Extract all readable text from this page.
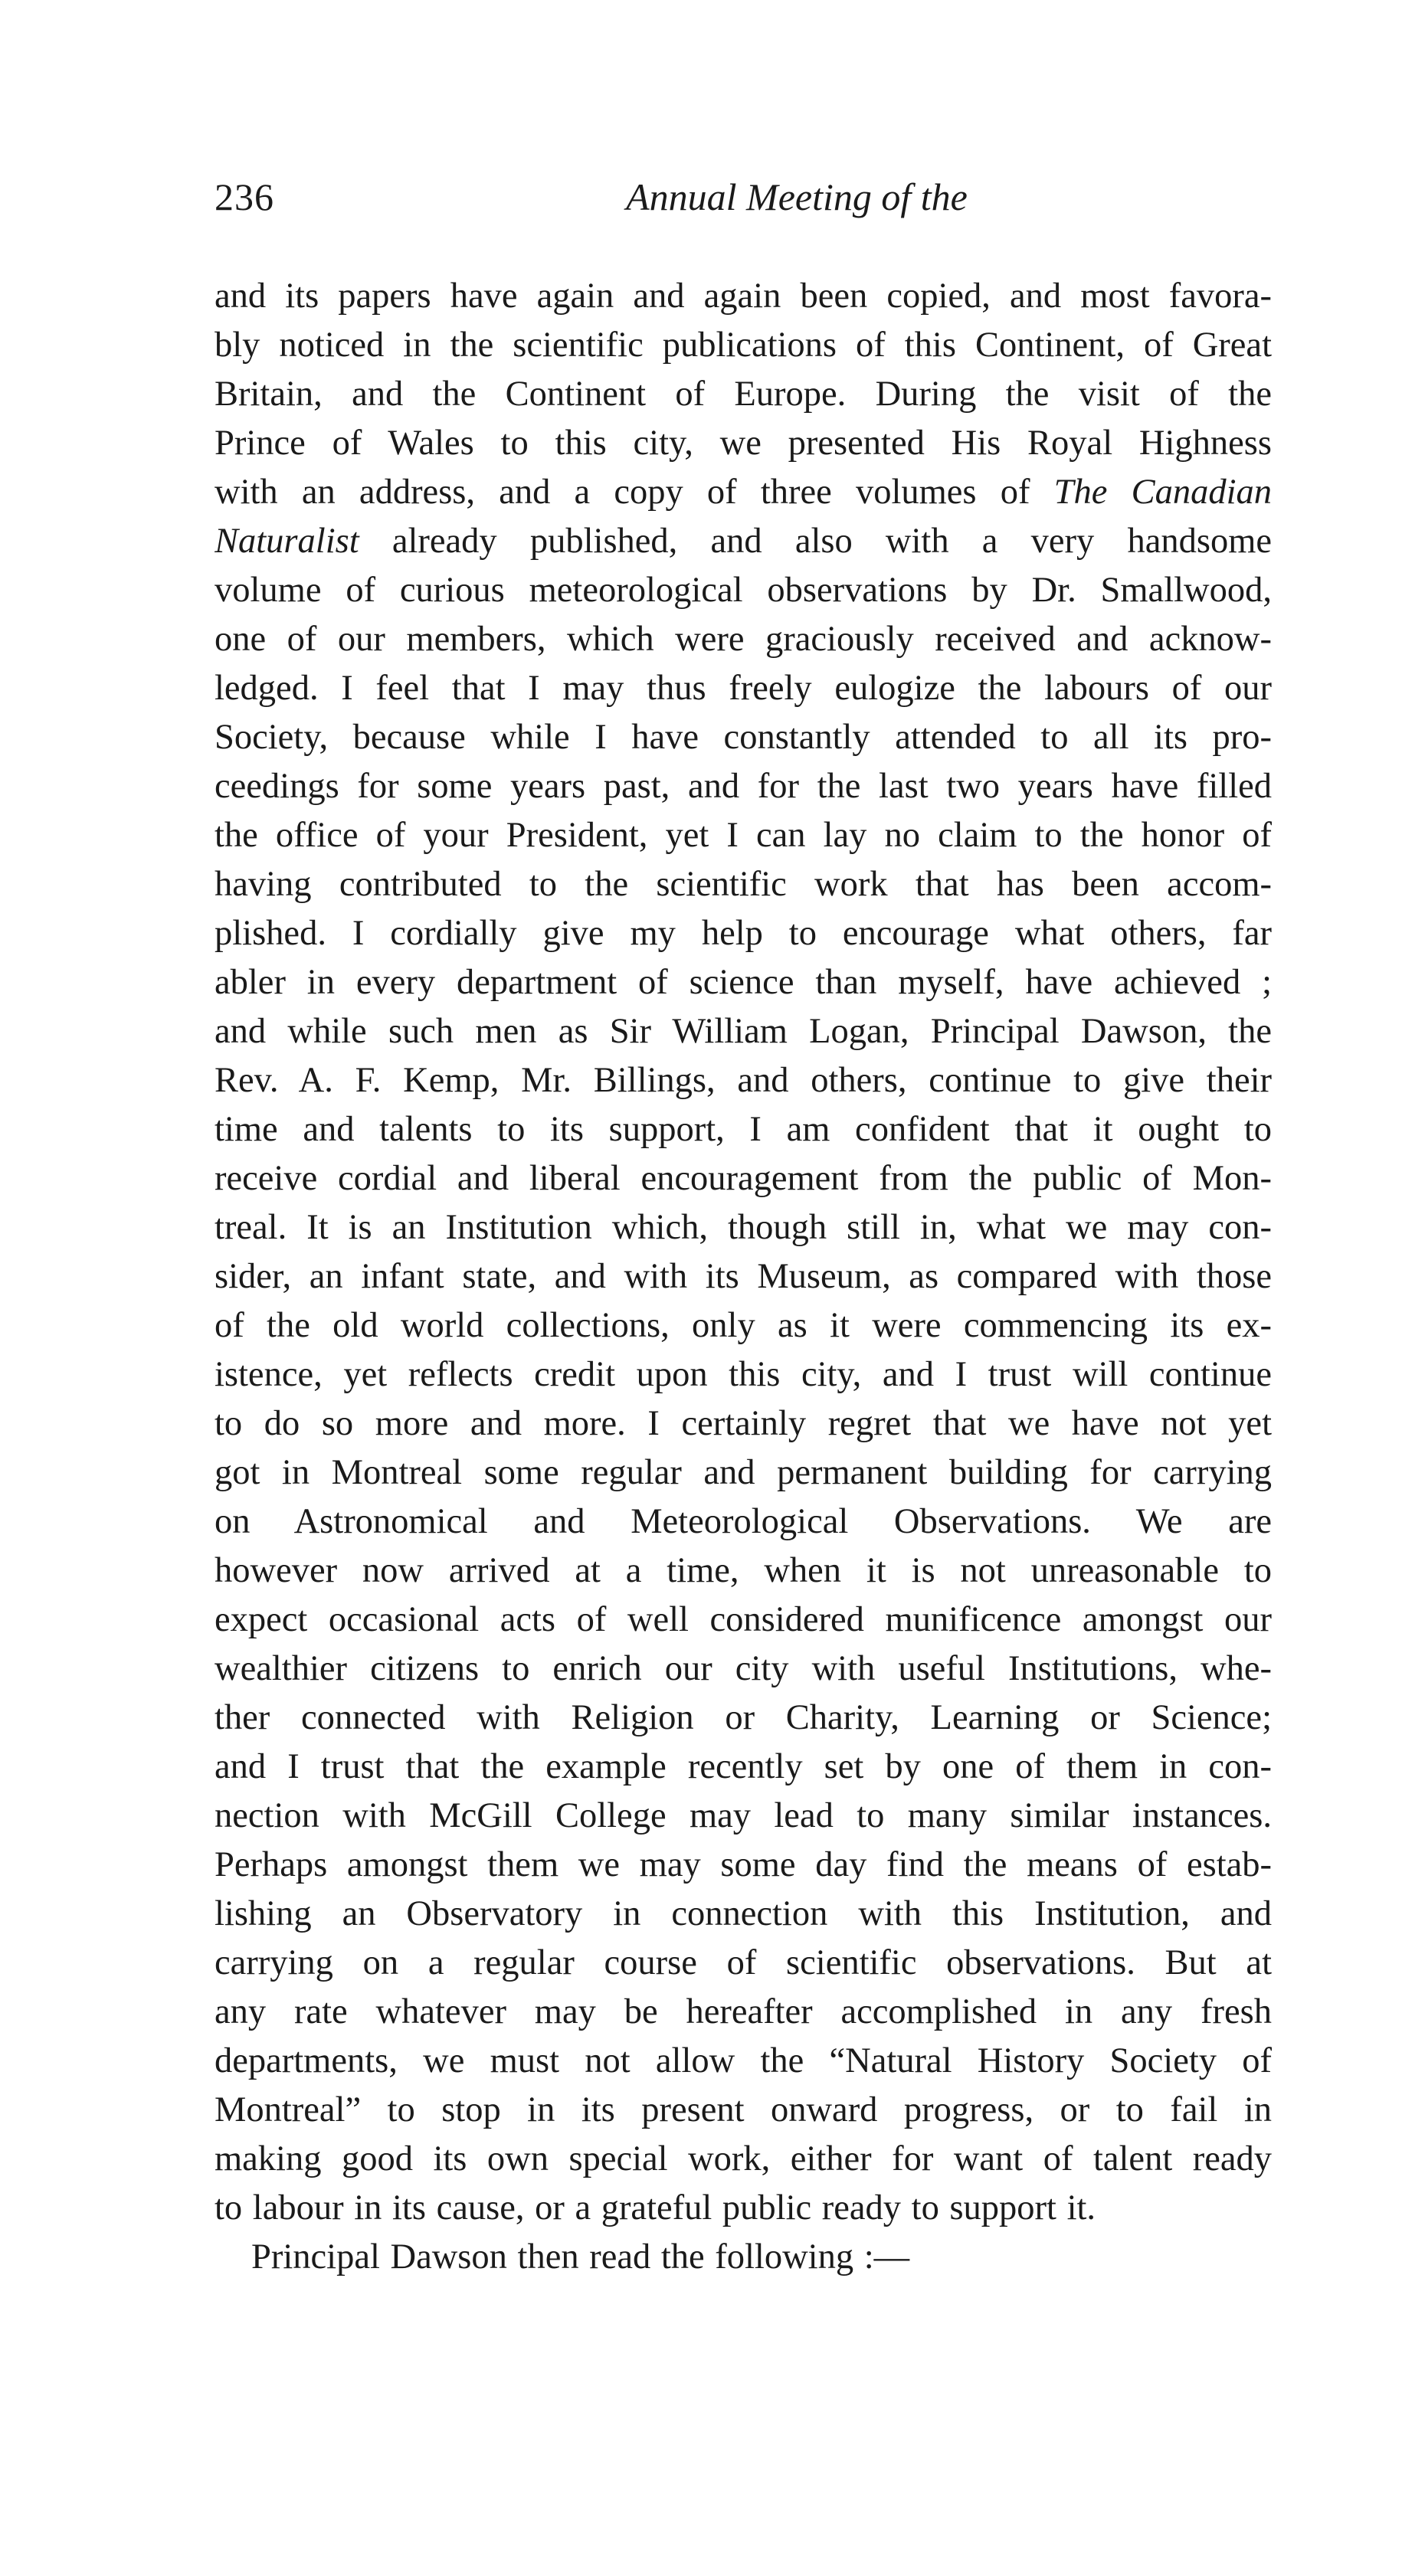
236	Annual Meeting of the
and its papers have again and again been copied, and most favora-
bly noticed in the scientific publications of this Continent, of Great
Britain, and the Continent of Europe. During the visit of the
Prince of Wales to this city, we presented His Royal Highness
with an address, and a copy of three volumes of The Canadian
Naturalist already published, and also with a very handsome
volume of curious meteorological observations by Dr. Smallwood,
one of our members, which were graciously received and acknow-
ledged. I feel that I may thus freely eulogize the labours of our
Society, because while I have constantly attended to all its pro-
ceedings for some years past, and for the last two years have filled
the office of your President, yet I can lay no claim to the honor of
having contributed to the scientific work that has been accom-
plished. I cordially give my help to encourage what others, far
abler in every department of science than myself, have achieved ;
and while such men as Sir William Logan, Principal Dawson, the
Rev. A. F. Kemp, Mr. Billings, and others, continue to give their
time and talents to its support, I am confident that it ought to
receive cordial and liberal encouragement from the public of Mon-
treal. It is an Institution which, though still in, what we may con-
sider, an infant state, and with its Museum, as compared with those
of the old world collections, only as it were commencing its ex-
istence, yet reflects credit upon this city, and I trust will continue
to do so more and more. I certainly regret that we have not yet
got in Montreal some regular and permanent building for carrying
on Astronomical and Meteorological Observations. We are
however now arrived at a time, when it is not unreasonable to
expect occasional acts of well considered munificence amongst our
wealthier citizens to enrich our city with useful Institutions, whe-
ther connected with Religion or Charity, Learning or Science;
and I trust that the example recently set by one of them in con-
nection with McGill College may lead to many similar instances.
Perhaps amongst them we may some day find the means of estab-
lishing an Observatory in connection with this Institution, and
carrying on a regular course of scientific observations. But at
any rate whatever may be hereafter accomplished in any fresh
departments, we must not allow the “Natural History Society of
Montreal” to stop in its present onward progress, or to fail in
making good its own special work, either for want of talent ready
to labour in its cause, or a grateful public ready to support it.
Principal Dawson then read the following :—
